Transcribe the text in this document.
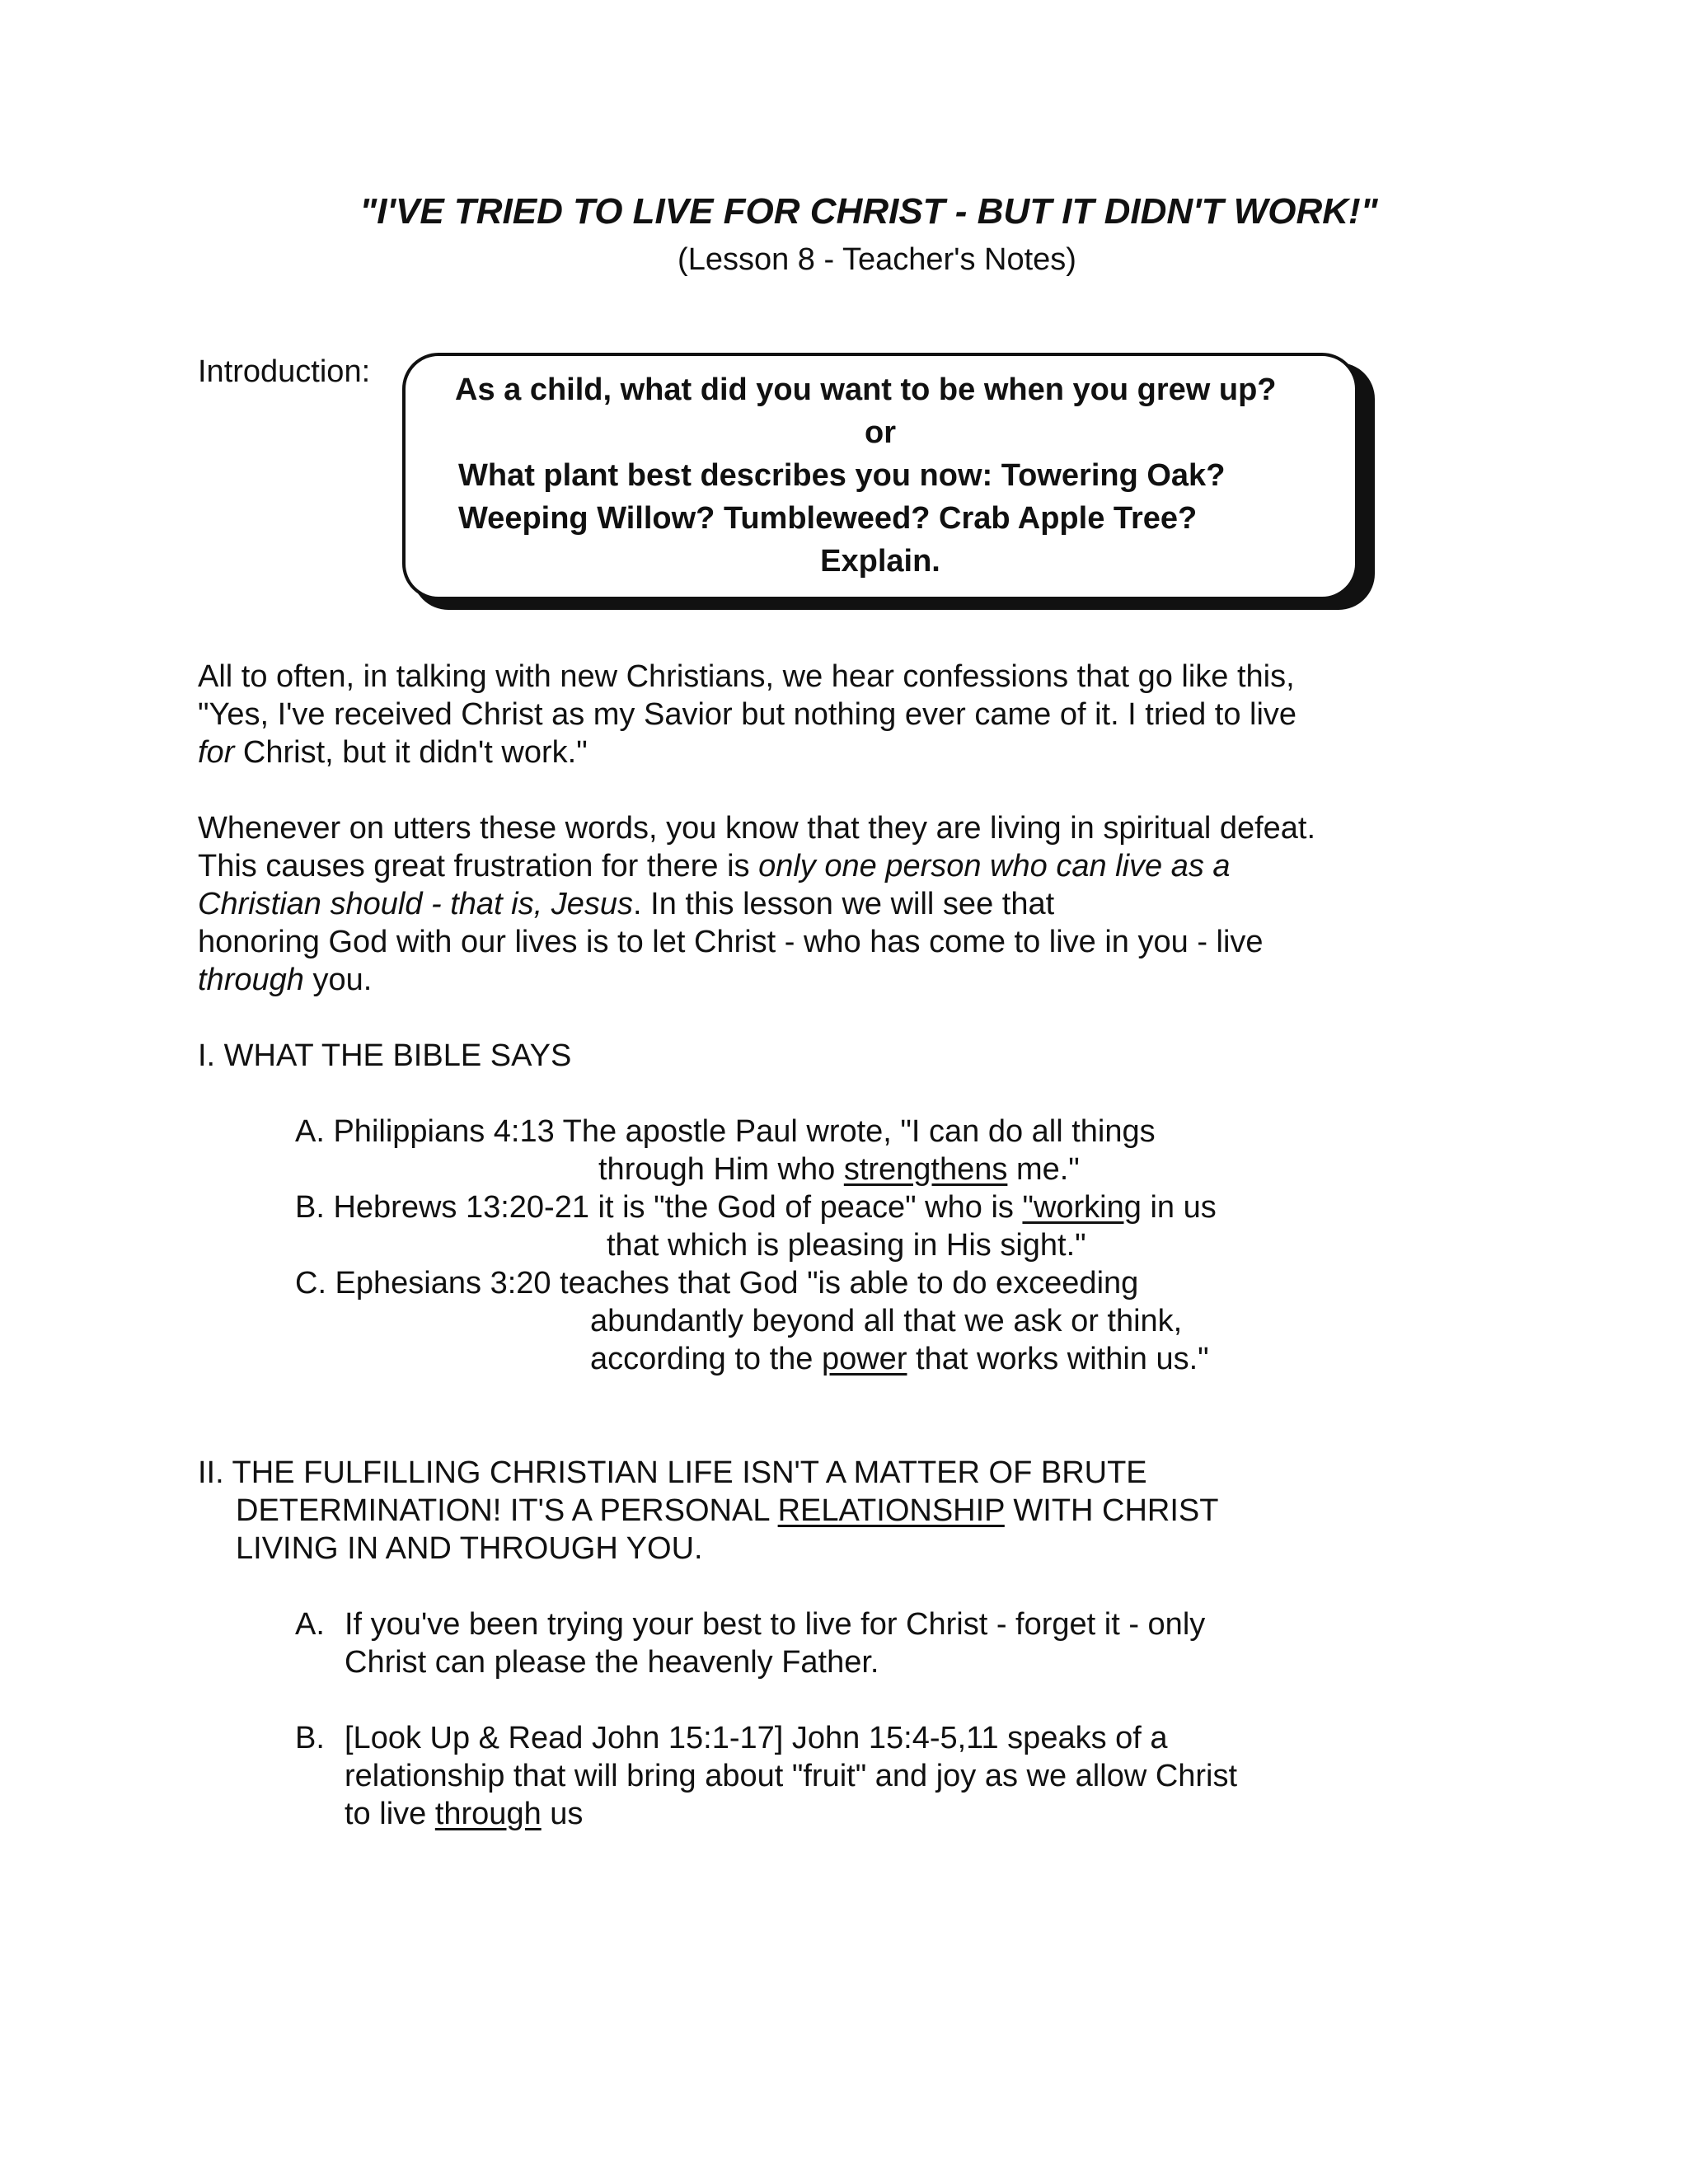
"I'VE TRIED TO LIVE FOR CHRIST - BUT IT DIDN'T WORK!"
(Lesson 8 - Teacher's Notes)
Introduction:
As a child, what did you want to be when you grew up?
or
What plant best describes you now: Towering Oak?
Weeping Willow? Tumbleweed? Crab Apple Tree?
Explain.
All to often, in talking with new Christians, we hear confessions that go like this,
"Yes, I've received Christ as my Savior but nothing ever came of it. I tried to live
for Christ, but it didn't work."
Whenever on utters these words, you know that they are living in spiritual defeat.
This causes great frustration for there is only one person who can live as a
Christian should - that is, Jesus. In this lesson we will see that
honoring God with our lives is to let Christ - who has come to live in you - live
through you.
I. WHAT THE BIBLE SAYS
A. Philippians 4:13 The apostle Paul wrote, "I can do all things
through Him who strengthens me."
B. Hebrews 13:20-21 it is "the God of peace" who is "working in us
that which is pleasing in His sight."
C. Ephesians 3:20 teaches that God "is able to do exceeding
abundantly beyond all that we ask or think,
according to the power that works within us."
II. THE FULFILLING CHRISTIAN LIFE ISN'T A MATTER OF BRUTE
DETERMINATION! IT'S A PERSONAL RELATIONSHIP WITH CHRIST
LIVING IN AND THROUGH YOU.
A. If you've been trying your best to live for Christ - forget it - only
Christ can please the heavenly Father.
B. [Look Up & Read John 15:1-17] John 15:4-5,11 speaks of a
relationship that will bring about "fruit" and joy as we allow Christ
to live through us
